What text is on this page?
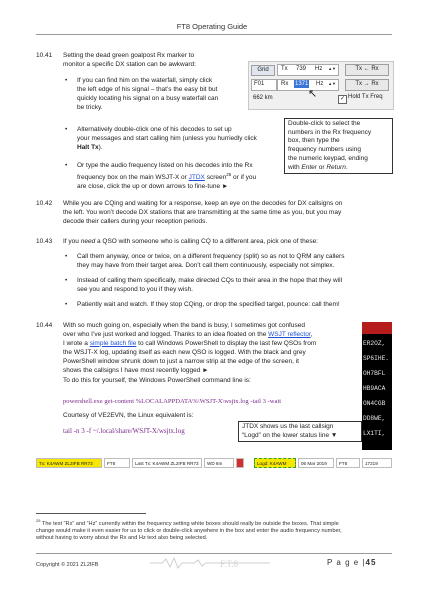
FT8 Operating Guide
10.41 Setting the dead green goalpost Rx marker to
monitor a specific DX station can be awkward:
• If you can find him on the waterfall, simply click
the left edge of his signal – that’s the easy bit but
quickly locating his signal on a busy waterfall can
be tricky.
• Alternatively double-click one of his decodes to set up
your messages and start calling him (unless you hurriedly click
Halt Tx).
• Or type the audio frequency listed on his decodes into the Rx
frequency box on the main WSJT-X or JTDX screen$^{25}$ or if you
are close, click the up or down arrows to fine-tune ►
Grid	Tx 739 Hz ▲▼	Tx ← Rx
F01	Rx 1371 Hz ▲▼	Tx → Rx
↖
662 km	✓ Hold Tx Freq
Double-click to select the
numbers in the Rx frequency
box, then type the
frequency numbers using
the numeric keypad, ending
with Enter or Return.
10.42 While you are CQing and waiting for a response, keep an eye on the decodes for DX callsigns on
the left. You won’t decode DX stations that are transmitting at the same time as you, but you may
decode their callers during your reception periods.
10.43 If you need a QSO with someone who is calling CQ to a different area, pick one of these:
• Call them anyway, once or twice, on a different frequency (split) so as not to QRM any callers
they may have from their target area. Don’t call them continuously, especially not simplex.
• Instead of calling them specifically, make directed CQs to their area in the hope that they will
see you and respond to you if they wish.
• Patiently wait and watch. If they stop CQing, or drop the specified target, pounce: call them!
10.44 With so much going on, especially when the band is busy, I sometimes got confused
over who I’ve just worked and logged. Thanks to an idea floated on the WSJT reflector,
I wrote a simple batch file to call Windows PowerShell to display the last few QSOs from
the WSJT-X log, updating itself as each new QSO is logged. With the black and grey
PowerShell window shrunk down to just a narrow strip at the edge of the screen, it
shows the callsigns I have most recently logged ►
To do this for yourself, the Windows PowerShell command line is:
powershell.exe get-content %LOCALAPPDATA%\WSJT-X\wsjtx.log -tail 3 -wait
Courtesy of VE2EVN, the Linux equivalent is:
tail -n 3 -f ~/.local/share/WSJT-X/wsjtx.log
JTDX shows us the last callsign
“Logd” on the lower status line ▼
ER2OZ,
SP6IHE.
OH7BFL
HB9ACA
ON4CGB
DD8WE,
LX1TI,
Tx: K4AWM ZL2IFB RR73	FT8	Last Tx: K4AWM ZL2IFB RR73	WD 6m	Logd: K4AWM	06 Mar 2019	FT8	17219
$^{25}$ The text “Rx” and “Hz” currently within the frequency setting white boxes should really be outside the boxes. That simple
change would make it even easier for us to click or double-click anywhere in the box and enter the audio frequency number,
without having to worry about the Rx and Hz text also being selected.
Copyright © 2021 ZL2IFB	F.T.8	P a g e |45
